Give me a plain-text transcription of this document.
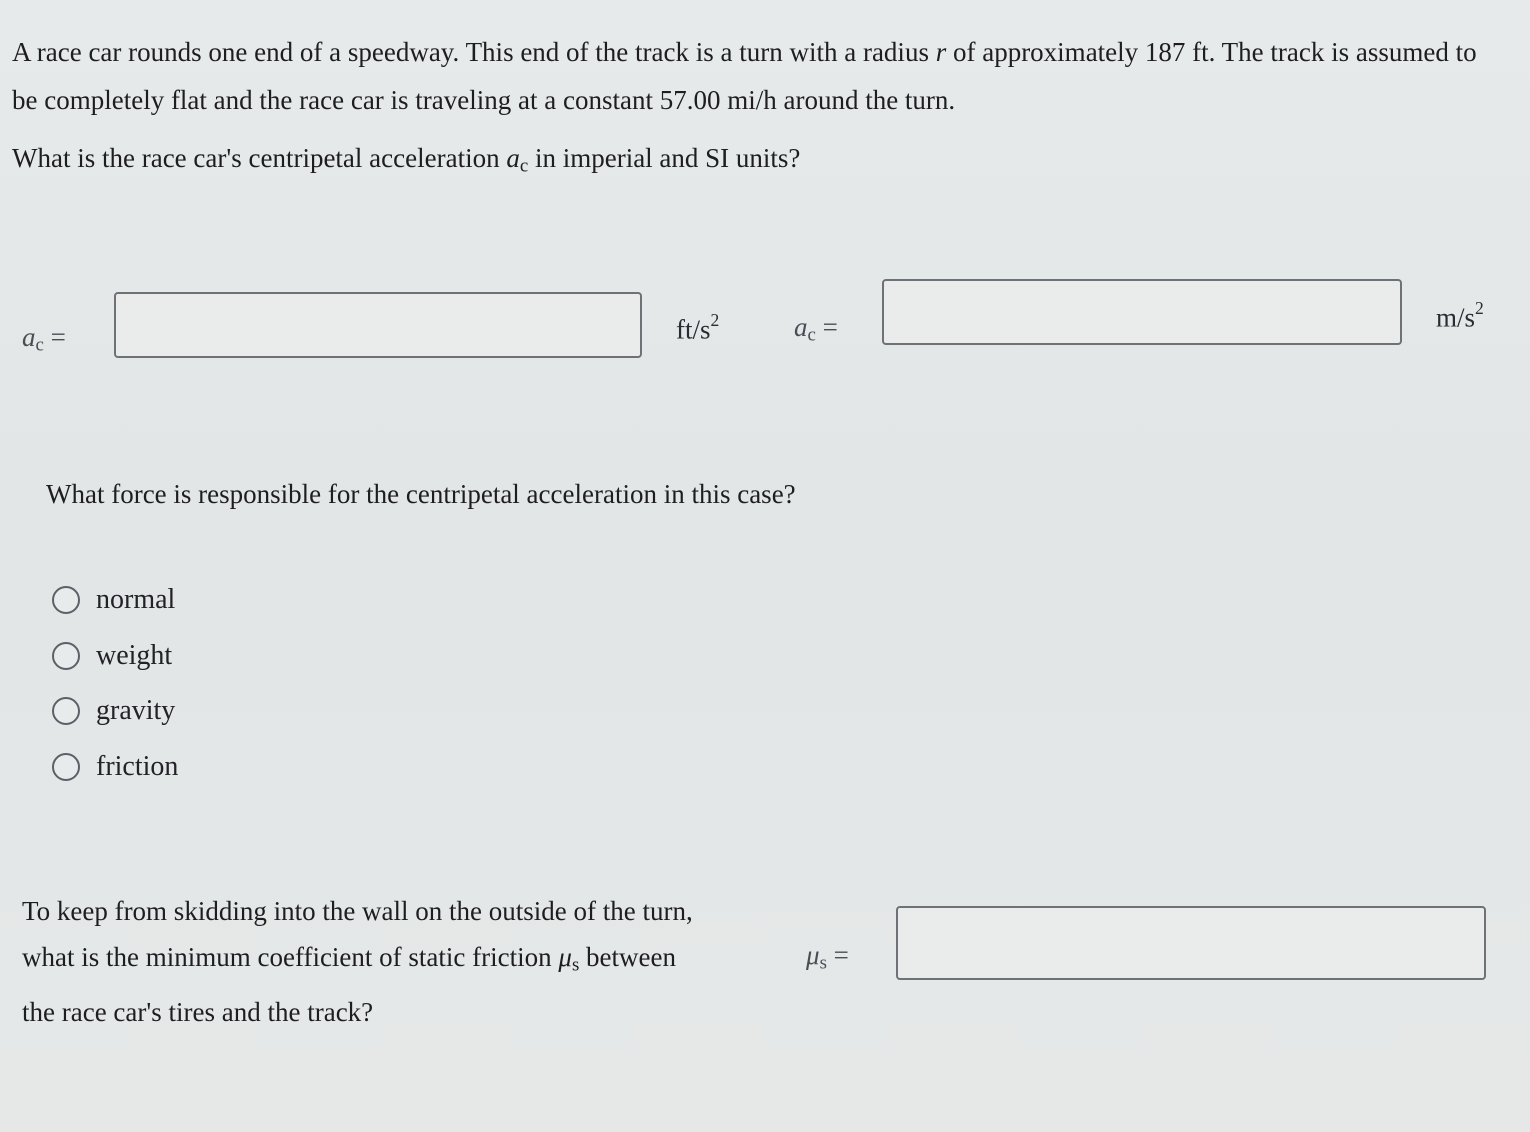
A race car rounds one end of a speedway. This end of the track is a turn with a radius r of approximately 187 ft. The track is assumed to be completely flat and the race car is traveling at a constant 57.00 mi/h around the turn.

What is the race car's centripetal acceleration $a_c$ in imperial and SI units?

$a_c$ =	$ft/s^2$	$a_c$ =	$m/s^2$

What force is responsible for the centripetal acceleration in this case?

normal
weight
gravity
friction

To keep from skidding into the wall on the outside of the turn, what is the minimum coefficient of static friction $\mu_s$ between the race car's tires and the track?

$\mu_s$ =
